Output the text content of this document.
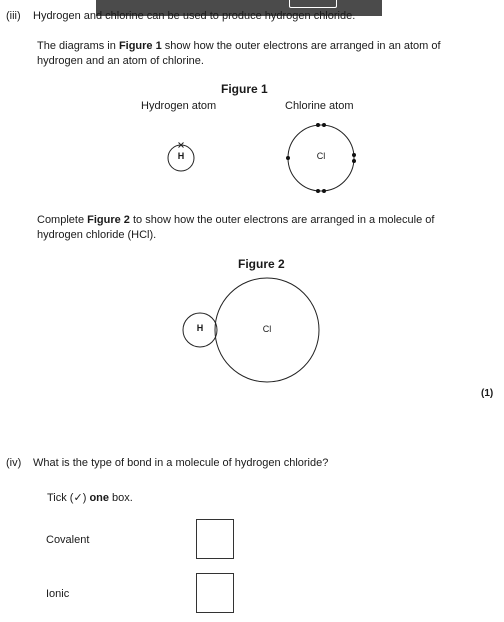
(iii) Hydrogen and chlorine can be used to produce hydrogen chloride.
The diagrams in Figure 1 show how the outer electrons are arranged in an atom of
hydrogen and an atom of chlorine.
Figure 1
Hydrogen atom	Chlorine atom
H	Cl
Complete Figure 2 to show how the outer electrons are arranged in a molecule of
hydrogen chloride (HCl).
Figure 2
H	Cl
(1)
(iv) What is the type of bond in a molecule of hydrogen chloride?
Tick (✓) one box.
Covalent
Ionic
